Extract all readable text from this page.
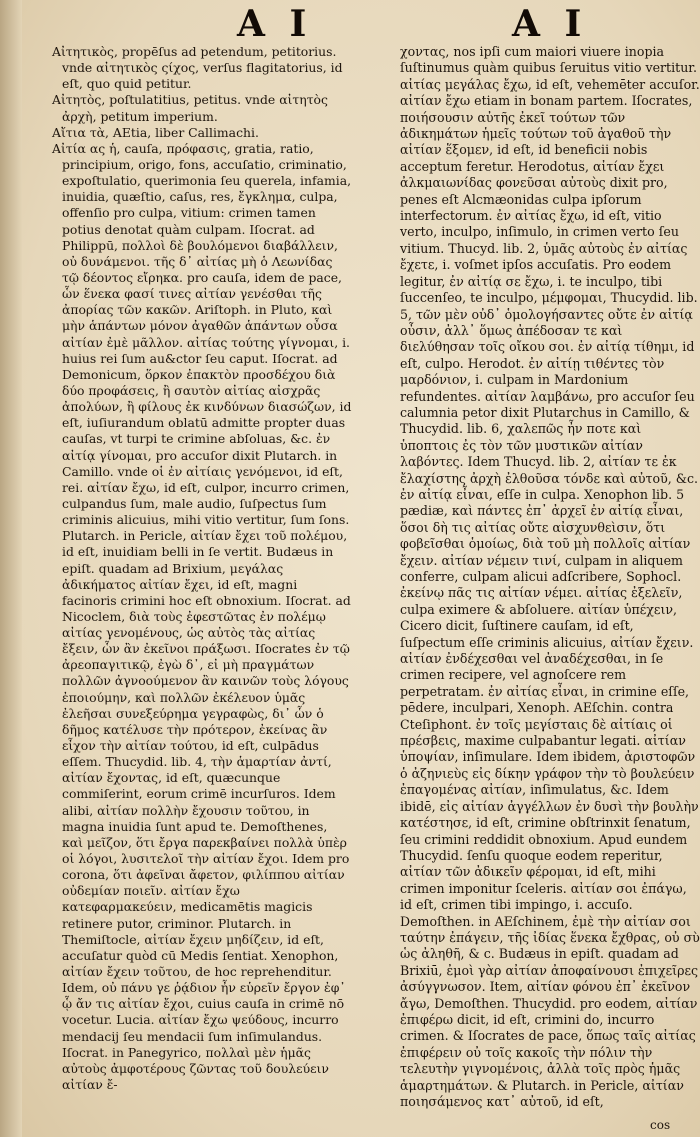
A I	A I

Αἰτητικὸς, propēſus ad petendum, petitorius. vnde αἰτητικὸς ςίχος, verſus flagitatorius, id eſt, quo quid petitur.

Αἰτητὸς, poſtulatitius, petitus. vnde αἰτητὸς ἀρχὴ, petitum imperium.

Αἴτια τὰ, AEtia, liber Callimachi.

Αἰτία ας ἡ, cauſa, πρόφασις, gratia, ratio, principium, origo, fons, accuſatio, criminatio, expoſtulatio, querimonia ſeu querela, infamia, inuidia, quæſtio, caſus, res, ἔγκλημα, culpa, offenſio pro culpa, vitium: crimen tamen potius denotat quàm culpam. Iſocrat. ad Philippū, πολλοὶ δὲ βουλόμενοι διαβάλλειν, οὐ δυνάμενοι. τῆς δ᾽ αἰτίας μὴ ὁ Λεωνίδας τῷ δέοντος εἴρηκα. pro cauſa, idem de pace, ὧν ἕνεκα φασί τινες αἰτίαν γενέσθαι τῆς ἀπορίας τῶν κακῶν. Ariſtoph. in Pluto, καὶ μὴν ἁπάντων μόνον ἀγαθῶν ἁπάντων οὖσα αἰτίαν ἐμὲ μᾶλλον. αἰτίας τούτης γίγνομαι, i. huius rei ſum au&ctor ſeu caput. Iſocrat. ad Demonicum, ὅρκον ἐπακτὸν προσδέχου διὰ δύο προφάσεις, ἢ σαυτὸν αἰτίας αἰσχρᾶς ἀπολύων, ἢ φίλους ἐκ κινδύνων διασώζων, id eſt, iuſiurandum oblatū admitte propter duas cauſas, vt turpi te crimine abſoluas, &c. ἐν αἰτίᾳ γίνομαι, pro accuſor dixit Plutarch. in Camillo. vnde οἱ ἐν αἰτίαις γενόμενοι, id eſt, rei. αἰτίαν ἔχω, id eſt, culpor, incurro crimen, culpandus ſum, male audio, ſuſpectus ſum criminis alicuius, mihi vitio vertitur, ſum ſons. Plutarch. in Pericle, αἰτίαν ἔχει τοῦ πολέμου, id eſt, inuidiam belli in ſe vertit. Budæus in epiſt. quadam ad Brixium, μεγάλας ἀδικήματος αἰτίαν ἔχει, id eſt, magni facinoris crimini hoc eſt obnoxium. Iſocrat. ad Nicoclem, διὰ τοὺς ἐφεστῶτας ἐν πολέμῳ αἰτίας γενομένους, ὡς αὐτὸς τὰς αἰτίας ἔξειν, ὧν ἂν ἐκεῖνοι πράξωσι. Iſocrates ἐν τῷ ἀρεοπαγιτικῷ, ἐγὼ δ᾽, εἰ μὴ πραγμάτων πολλῶν ἀγνοούμενον ἂν καινῶν τοὺς λόγους ἐποιούμην, καὶ πολλῶν ἐκέλευον ὑμᾶς ἐλεῆσαι συνεξεύρημα γεγραφὼς, δι᾽ ὧν ὁ δῆμος κατέλυσε τὴν πρότερον, ἐκείνας ἂν εἶχον τὴν αἰτίαν τούτου, id eſt, culpādus eſſem. Thucydid. lib. 4, τὴν ἁμαρτίαν ἀντί, αἰτίαν ἔχοντας, id eſt, quæcunque commiſerint, eorum crimē incurſuros. Idem alibi, αἰτίαν πολλὴν ἔχουσιν τοῦτου, in magna inuidia ſunt apud te. Demoſthenes, καὶ μεῖζον, ὅτι ἔργα παρεκβαίνει πολλὰ ὑπὲρ οἱ λόγοι, λυσιτελοῖ τὴν αἰτίαν ἔχοι. Idem pro corona, ὅτι ἀφεῖναι ἄφετον, φιλίππου αἰτίαν οὐδεμίαν ποιεῖν. αἰτίαν ἔχω κατεφαρμακεύειν, medicamētis magicis retinere putor, criminor. Plutarch. in Themiſtocle, αἰτίαν ἔχειν μηδίζειν, id eſt, accuſatur quòd cū Medis ſentiat. Xenophon, αἰτίαν ἔχειν τοῦτου, de hoc reprehenditur. Idem, οὐ πάνυ γε ῥᾴδιον ἦν εὑρεῖν ἔργον ἐφ᾽ ᾧ ἄν τις αἰτίαν ἔχοι, cuius cauſa in crimē nō vocetur. Lucia. αἰτίαν ἔχω ψεύδους, incurro mendacij ſeu mendacii ſum inſimulandus. Iſocrat. in Panegyrico, πολλαὶ μὲν ἡμᾶς αὐτοὺς ἀμφοτέρους ζῶντας τοῦ δουλεύειν αἰτίαν ἔ-

χοντας, nos ipſi cum maiori viuere inopia ſuſtinumus quàm quibus ſeruitus vitio vertitur. αἰτίας μεγάλας ἔχω, id eſt, vehemēter accuſor. αἰτίαν ἔχω etiam in bonam partem. Iſocrates, ποιήσουσιν αὐτῆς ἐκεῖ τούτων τῶν ἀδικημάτων ἡμεῖς τούτων τοῦ ἀγαθοῦ τὴν αἰτίαν ἕξομεν, id eſt, id beneficii nobis acceptum feretur. Herodotus, αἰτίαν ἔχει ἀλκμαιωνίδας φονεῦσαι αὐτοὺς dixit pro, penes eſt Alcmæonidas culpa ipſorum interfectorum. ἐν αἰτίας ἔχω, id eſt, vitio verto, inculpo, inſimulo, in crimen verto ſeu vitium. Thucyd. lib. 2, ὑμᾶς αὐτοὺς ἐν αἰτίας ἔχετε, i. voſmet ipſos accuſatis. Pro eodem legitur, ἐν αἰτίᾳ σε ἔχω, i. te inculpo, tibi ſuccenſeo, te inculpo, μέμφομαι, Thucydid. lib. 5, τῶν μὲν οὐδ᾽ ὁμολογήσαντες οὔτε ἐν αἰτίᾳ οὖσιν, ἀλλ᾽ ὅμως ἀπέδοσαν τε καὶ διελύθησαν τοῖς οἴκου σοι. ἐν αἰτίᾳ τίθημι, id eſt, culpo. Herodot. ἐν αἰτίῃ τιθέντες τὸν μαρδόνιον, i. culpam in Mardonium refundentes. αἰτίαν λαμβάνω, pro accuſor ſeu calumnia petor dixit Plutarchus in Camillo, & Thucydid. lib. 6, χαλεπῶς ἦν ποτε καὶ ὑποπτοις ἐς τὸν τῶν μυστικῶν αἰτίαν λαβόντες. Idem Thucyd. lib. 2, αἰτίαν τε ἐκ ἔλαχίστης ἀρχὴ ἐλθοῦσα τόνδε καὶ αὐτοῦ, &c. ἐν αἰτίᾳ εἶναι, eſſe in culpa. Xenophon lib. 5 pædiæ, καὶ πάντες ἐπ᾽ ἀρχεῖ ἐν αἰτίᾳ εἶναι, ὅσοι δὴ τις αἰτίας οὔτε αἰσχυνθεὶσιν, ὅτι φοβεῖσθαι ὁμοίως, διὰ τοῦ μὴ πολλοῖς αἰτίαν ἔχειν. αἰτίαν νέμειν τινί, culpam in aliquem conferre, culpam alicui adſcribere, Sophocl. ἐκείνῳ πᾶς τις αἰτίαν νέμει. αἰτίας ἐξελεῖν, culpa eximere & abſoluere. αἰτίαν ὑπέχειν, Cicero dicit, ſuſtinere cauſam, id eſt, ſuſpectum eſſe criminis alicuius, αἰτίαν ἔχειν. αἰτίαν ἐνδέχεσθαι vel ἀναδέχεσθαι, in ſe crimen recipere, vel agnoſcere rem perpetratam. ἐν αἰτίας εἶναι, in crimine eſſe, pēdere, inculpari, Xenoph. AEſchin. contra Cteſiphont. ἐν τοῖς μεγίσταις δὲ αἰτίαις οἱ πρέσβεις, maxime culpabantur legati. αἰτίαν ὑποψίαν, inſimulare. Idem ibidem, ἀριστοφῶν ὁ ἀζηνιεὺς εἰς δίκην γράφον τὴν τὸ βουλεύειν ἐπαγομένας αἰτίαν, inſimulatus, &c. Idem ibidē, εἰς αἰτίαν ἀγγέλλων ἐν δυσὶ τὴν βουλὴν κατέστησε, id eſt, crimine obſtrinxit ſenatum, ſeu crimini reddidit obnoxium. Apud eundem Thucydid. ſenſu quoque eodem reperitur, αἰτίαν τῶν ἀδικεῖν φέρομαι, id eſt, mihi crimen imponitur ſceleris. αἰτίαν σοι ἐπάγω, id eſt, crimen tibi impingo, i. accuſo. Demoſthen. in AEſchinem, ἐμὲ τὴν αἰτίαν σοι ταύτην ἐπάγειν, τῆς ἰδίας ἕνεκα ἔχθρας, οὐ σὺ ὡς ἀληθῆ, & c. Budæus in epiſt. quadam ad Brixiū, ἐμοὶ γὰρ αἰτίαν ἀποφαίνουσι ἐπιχεῖρες ἀσύγγνωσον. Item, αἰτίαν φόνου ἐπ᾽ ἐκεῖνον ἄγω, Demoſthen. Thucydid. pro eodem, αἰτίαν ἐπιφέρω dicit, id eſt, crimini do, incurro crimen. & Iſocrates de pace, ὅπως ταῖς αἰτίας ἐπιφέρειν οὐ τοῖς κακοῖς τὴν πόλιν τὴν τελευτὴν γιγνομένοις, ἀλλὰ τοῖς πρὸς ἡμᾶς ἁμαρτημάτων. & Plutarch. in Pericle, αἰτίαν ποιησάμενος κατ᾽ αὐτοῦ, id eſt,

cos
